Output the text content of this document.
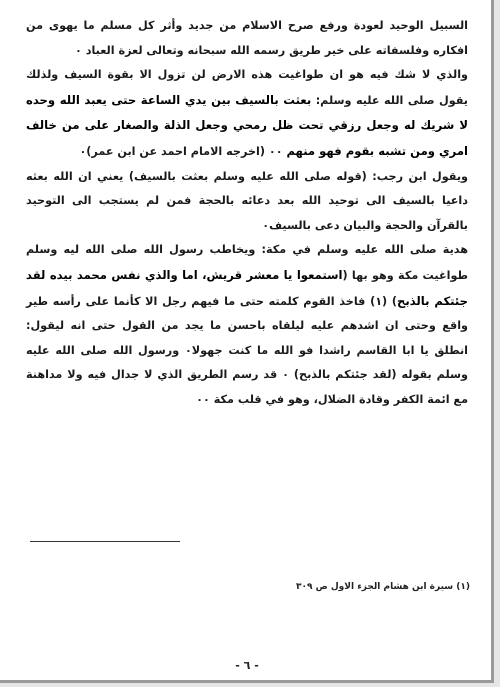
السبيل الوحيد لعودة ورفع صرح الاسلام من جديد وأثر كل مسلم ما يهوى من افكاره وفلسفاته على خير طريق رسمه الله سبحانه وتعالى لعزة العباد ٠

والذي لا شك فيه هو ان طواغيت هذه الارض لن تزول الا بقوة السيف ولذلك يقول صلى الله عليه وسلم: بعثت بالسيف بين يدي الساعة حتى يعبد الله وحده لا شريك له وجعل رزقي تحت ظل رمحي وجعل الذلة والصغار على من خالف امري ومن تشبه بقوم فهو منهم ٠٠ (اخرجه الامام احمد عن ابن عمر)٠

ويقول ابن رجب: (قوله صلى الله عليه وسلم بعثت بالسيف) يعني ان الله بعثه داعيا بالسيف الى توحيد الله بعد دعائه بالحجة فمن لم يستجب الى التوحيد بالقرآن والحجة والبيان دعى بالسيف٠

هدية صلى الله عليه وسلم في مكة: ويخاطب رسول الله صلى الله ليه وسلم طواغيت مكة وهو بها (استمعوا يا معشر قريش، اما والذي نفس محمد بيده لقد جئتكم بالذبح) (١) فاخذ القوم كلمته حتى ما فيهم رجل الا كأنما على رأسه طير واقع وحتى ان اشدهم عليه ليلقاه باحسن ما يجد من القول حتى انه ليقول: انطلق يا ابا القاسم راشدا فو الله ما كنت جهولا٠ ورسول الله صلى الله عليه وسلم بقوله (لقد جئتكم بالذبح) ٠ قد رسم الطريق الذي لا جدال فيه ولا مداهنة مع ائمة الكفر وقادة الضلال، وهو في قلب مكة ٠٠

(١) سيرة ابن هشام الجزء الاول ص ٣٠٩
- ٦ -
